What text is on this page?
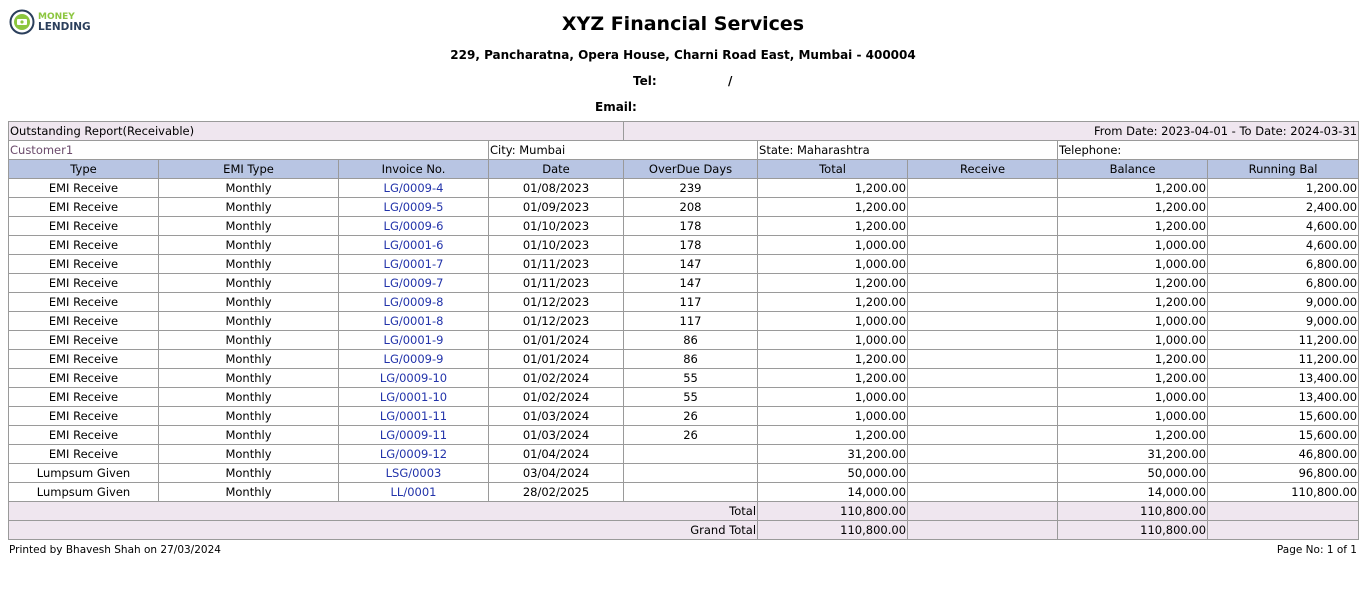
MONEY
LENDING	XYZ Financial Services
229, Pancharatna, Opera House, Charni Road East, Mumbai - 400004
Tel:	/
Email:
Outstanding Report(Receivable)				From Date: 2023-04-01 - To Date: 2024-03-31				
Customer1			City: Mumbai		State: Maharashtra		Telephone:	
Type	EMI Type	Invoice No.	Date	OverDue Days	Total	Receive	Balance	Running Bal
EMI Receive	Monthly	LG/0009-4	01/08/2023	239	1,200.00		1,200.00	1,200.00
EMI Receive	Monthly	LG/0009-5	01/09/2023	208	1,200.00		1,200.00	2,400.00
EMI Receive	Monthly	LG/0009-6	01/10/2023	178	1,200.00		1,200.00	4,600.00
EMI Receive	Monthly	LG/0001-6	01/10/2023	178	1,000.00		1,000.00	4,600.00
EMI Receive	Monthly	LG/0001-7	01/11/2023	147	1,000.00		1,000.00	6,800.00
EMI Receive	Monthly	LG/0009-7	01/11/2023	147	1,200.00		1,200.00	6,800.00
EMI Receive	Monthly	LG/0009-8	01/12/2023	117	1,200.00		1,200.00	9,000.00
EMI Receive	Monthly	LG/0001-8	01/12/2023	117	1,000.00		1,000.00	9,000.00
EMI Receive	Monthly	LG/0001-9	01/01/2024	86	1,000.00		1,000.00	11,200.00
EMI Receive	Monthly	LG/0009-9	01/01/2024	86	1,200.00		1,200.00	11,200.00
EMI Receive	Monthly	LG/0009-10	01/02/2024	55	1,200.00		1,200.00	13,400.00
EMI Receive	Monthly	LG/0001-10	01/02/2024	55	1,000.00		1,000.00	13,400.00
EMI Receive	Monthly	LG/0001-11	01/03/2024	26	1,000.00		1,000.00	15,600.00
EMI Receive	Monthly	LG/0009-11	01/03/2024	26	1,200.00		1,200.00	15,600.00
EMI Receive	Monthly	LG/0009-12	01/04/2024		31,200.00		31,200.00	46,800.00
Lumpsum Given	Monthly	LSG/0003	03/04/2024		50,000.00		50,000.00	96,800.00
Lumpsum Given	Monthly	LL/0001	28/02/2025		14,000.00		14,000.00	110,800.00
Total					110,800.00		110,800.00	
Grand Total					110,800.00		110,800.00	
Printed by Bhavesh Shah on 27/03/2024	Page No: 1 of 1
